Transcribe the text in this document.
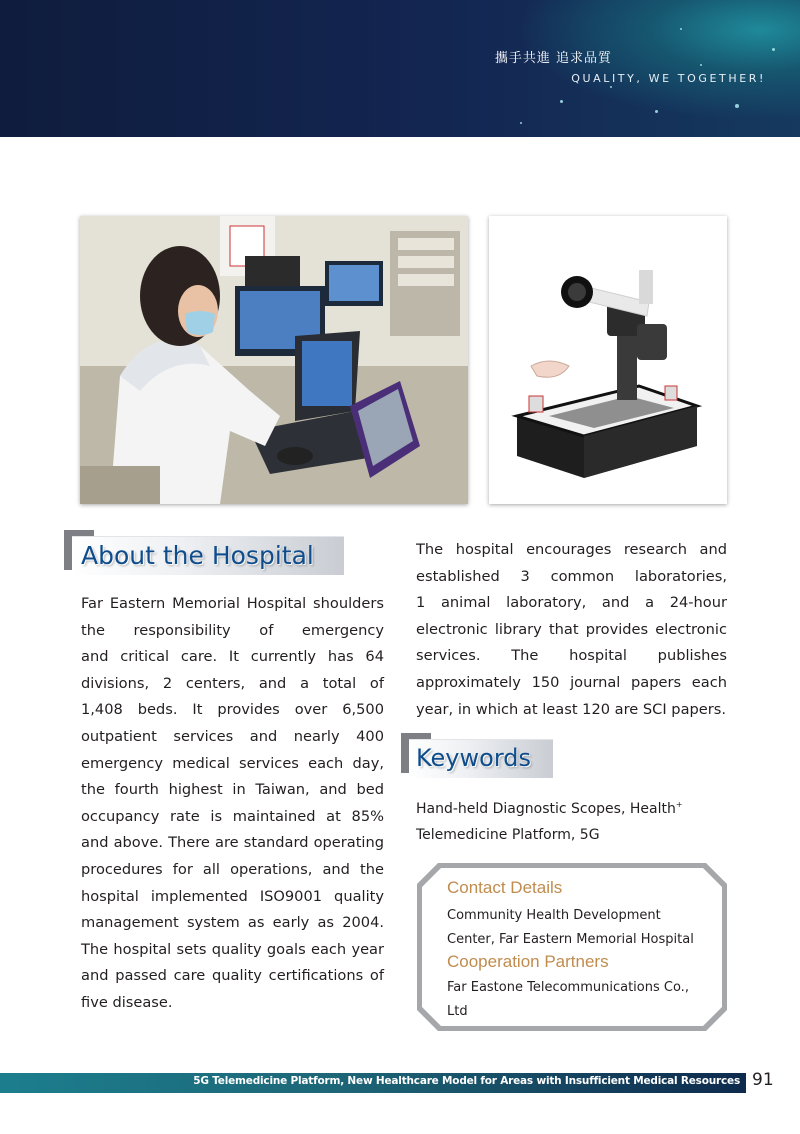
攜手共進 追求品質
QUALITY, WE TOGETHER!
About the Hospital
Far Eastern Memorial Hospital shoulders
the responsibility of emergency
and critical care. It currently has 64
divisions, 2 centers, and a total of
1,408 beds. It provides over 6,500
outpatient services and nearly 400
emergency medical services each day,
the fourth highest in Taiwan, and bed
occupancy rate is maintained at 85%
and above. There are standard operating
procedures for all operations, and the
hospital implemented ISO9001 quality
management system as early as 2004.
The hospital sets quality goals each year
and passed care quality certifications of
five disease.
The hospital encourages research and
established 3 common laboratories,
1 animal laboratory, and a 24-hour
electronic library that provides electronic
services. The hospital publishes
approximately 150 journal papers each
year, in which at least 120 are SCI papers.
Keywords
Hand-held Diagnostic Scopes, Health+
Telemedicine Platform, 5G
Contact Details
Community Health Development
Center, Far Eastern Memorial Hospital
Cooperation Partners
Far Eastone Telecommunications Co.,
Ltd
5G Telemedicine Platform, New Healthcare Model for Areas with Insufficient Medical Resources 91
